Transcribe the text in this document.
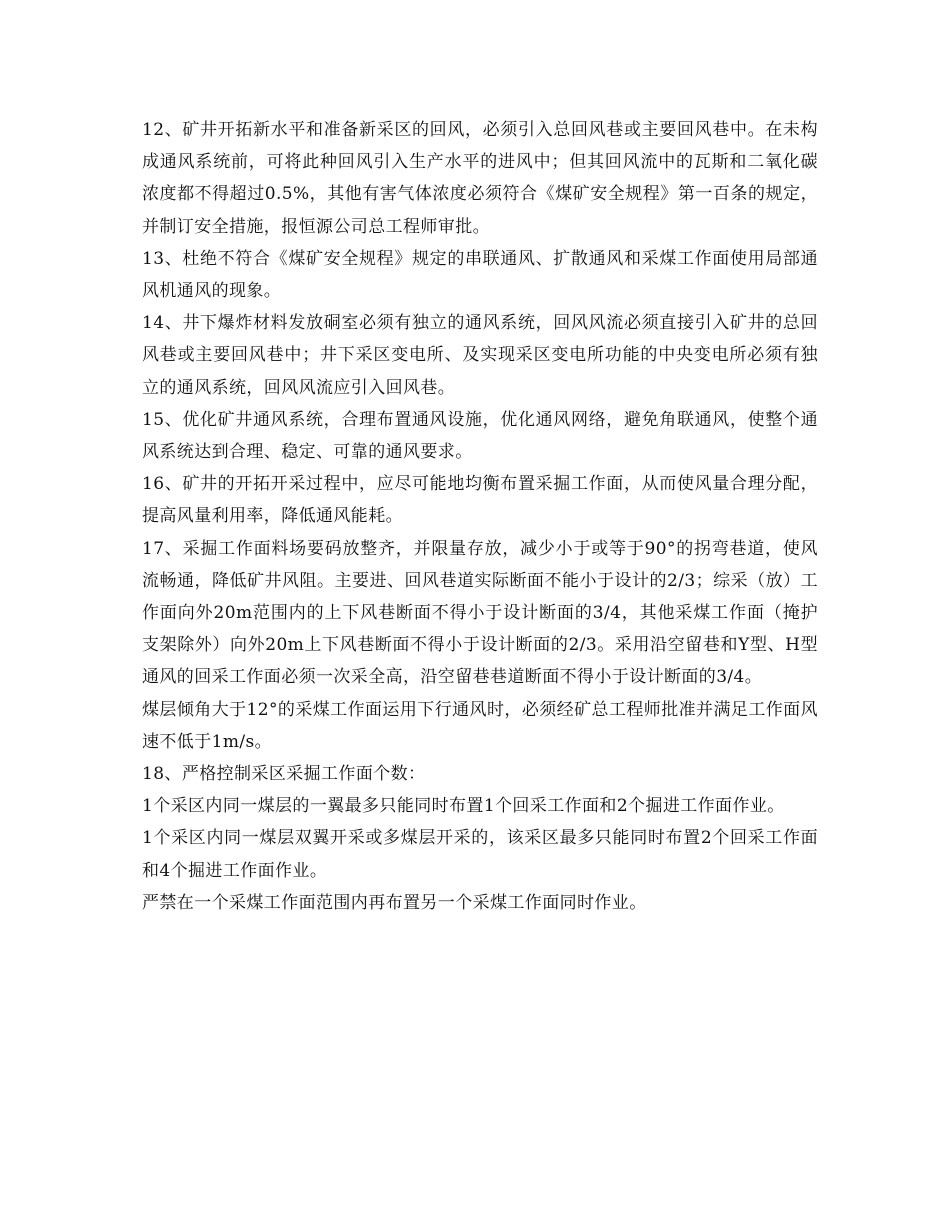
12、矿井开拓新水平和准备新采区的回风，必须引入总回风巷或主要回风巷中。在未构成通风系统前，可将此种回风引入生产水平的进风中；但其回风流中的瓦斯和二氧化碳浓度都不得超过0.5%，其他有害气体浓度必须符合《煤矿安全规程》第一百条的规定，并制订安全措施，报恒源公司总工程师审批。

13、杜绝不符合《煤矿安全规程》规定的串联通风、扩散通风和采煤工作面使用局部通风机通风的现象。

14、井下爆炸材料发放硐室必须有独立的通风系统，回风风流必须直接引入矿井的总回风巷或主要回风巷中；井下采区变电所、及实现采区变电所功能的中央变电所必须有独立的通风系统，回风风流应引入回风巷。

15、优化矿井通风系统，合理布置通风设施，优化通风网络，避免角联通风，使整个通风系统达到合理、稳定、可靠的通风要求。

16、矿井的开拓开采过程中，应尽可能地均衡布置采掘工作面，从而使风量合理分配，提高风量利用率，降低通风能耗。

17、采掘工作面料场要码放整齐，并限量存放，减少小于或等于90°的拐弯巷道，使风流畅通，降低矿井风阻。主要进、回风巷道实际断面不能小于设计的2/3；综采（放）工作面向外20m范围内的上下风巷断面不得小于设计断面的3/4，其他采煤工作面（掩护支架除外）向外20m上下风巷断面不得小于设计断面的2/3。采用沿空留巷和Y型、H型通风的回采工作面必须一次采全高，沿空留巷巷道断面不得小于设计断面的3/4。

煤层倾角大于12°的采煤工作面运用下行通风时，必须经矿总工程师批准并满足工作面风速不低于1m/s。

18、严格控制采区采掘工作面个数：

1个采区内同一煤层的一翼最多只能同时布置1个回采工作面和2个掘进工作面作业。

1个采区内同一煤层双翼开采或多煤层开采的，该采区最多只能同时布置2个回采工作面和4个掘进工作面作业。

严禁在一个采煤工作面范围内再布置另一个采煤工作面同时作业。
